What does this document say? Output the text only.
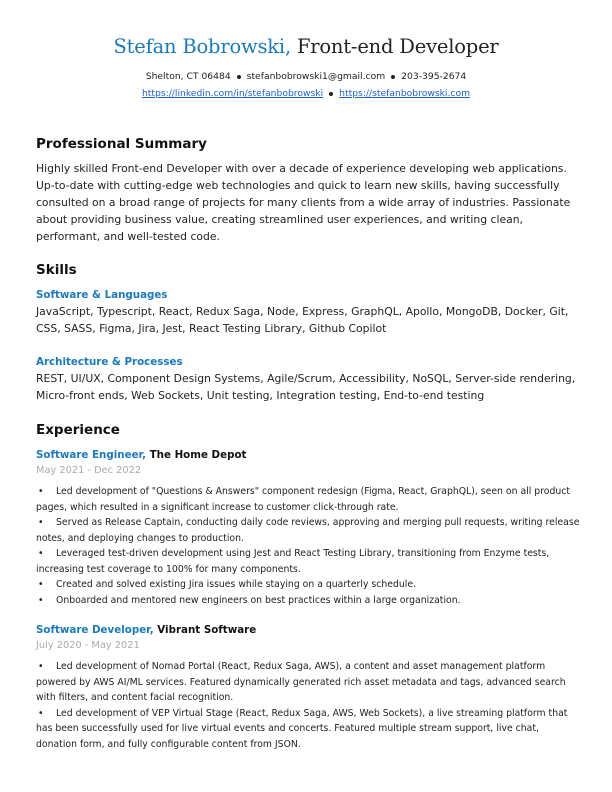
Stefan Bobrowski, Front-end Developer
Shelton, CT 06484 stefanbobrowski1@gmail.com 203-395-2674
https://linkedin.com/in/stefanbobrowski https://stefanbobrowski.com
Professional Summary
Highly skilled Front-end Developer with over a decade of experience developing web applications. Up-to-date with cutting-edge web technologies and quick to learn new skills, having successfully consulted on a broad range of projects for many clients from a wide array of industries. Passionate about providing business value, creating streamlined user experiences, and writing clean, performant, and well-tested code.
Skills
Software & Languages
JavaScript, Typescript, React, Redux Saga, Node, Express, GraphQL, Apollo, MongoDB, Docker, Git, CSS, SASS, Figma, Jira, Jest, React Testing Library, Github Copilot
Architecture & Processes
REST, UI/UX, Component Design Systems, Agile/Scrum, Accessibility, NoSQL, Server-side rendering, Micro-front ends, Web Sockets, Unit testing, Integration testing, End-to-end testing
Experience
Software Engineer, The Home Depot
May 2021 - Dec 2022
• Led development of "Questions & Answers" component redesign (Figma, React, GraphQL), seen on all product pages, which resulted in a significant increase to customer click-through rate.
• Served as Release Captain, conducting daily code reviews, approving and merging pull requests, writing release notes, and deploying changes to production.
• Leveraged test-driven development using Jest and React Testing Library, transitioning from Enzyme tests, increasing test coverage to 100% for many components.
• Created and solved existing Jira issues while staying on a quarterly schedule.
• Onboarded and mentored new engineers on best practices within a large organization.
Software Developer, Vibrant Software
July 2020 - May 2021
• Led development of Nomad Portal (React, Redux Saga, AWS), a content and asset management platform powered by AWS AI/ML services. Featured dynamically generated rich asset metadata and tags, advanced search with filters, and content facial recognition.
• Led development of VEP Virtual Stage (React, Redux Saga, AWS, Web Sockets), a live streaming platform that has been successfully used for live virtual events and concerts. Featured multiple stream support, live chat, donation form, and fully configurable content from JSON.
